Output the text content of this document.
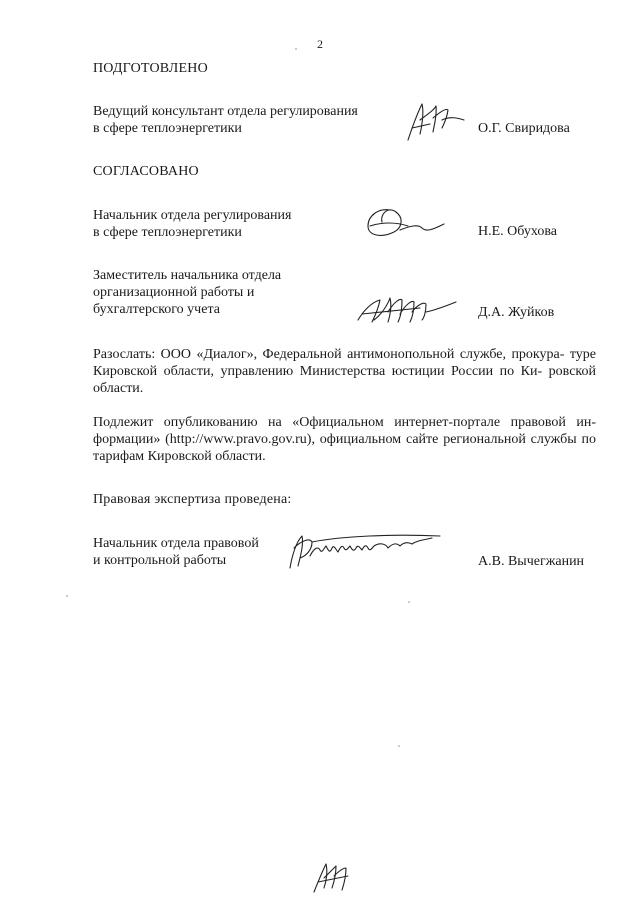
2
ПОДГОТОВЛЕНО
Ведущий консультант отдела регулирования
в сфере теплоэнергетики	О.Г. Свиридова
СОГЛАСОВАНО
Начальник отдела регулирования
в сфере теплоэнергетики	Н.Е. Обухова
Заместитель начальника отдела
организационной работы и
бухгалтерского учета	Д.А. Жуйков
Разослать: ООО «Диалог», Федеральной антимонопольной службе, прокура- туре Кировской области, управлению Министерства юстиции России по Ки- ровской области.
Подлежит опубликованию на «Официальном интернет-портале правовой ин- формации» (http://www.pravo.gov.ru), официальном сайте региональной службы по тарифам Кировской области.
Правовая экспертиза проведена:
Начальник отдела правовой
и контрольной работы	А.В. Вычегжанин
